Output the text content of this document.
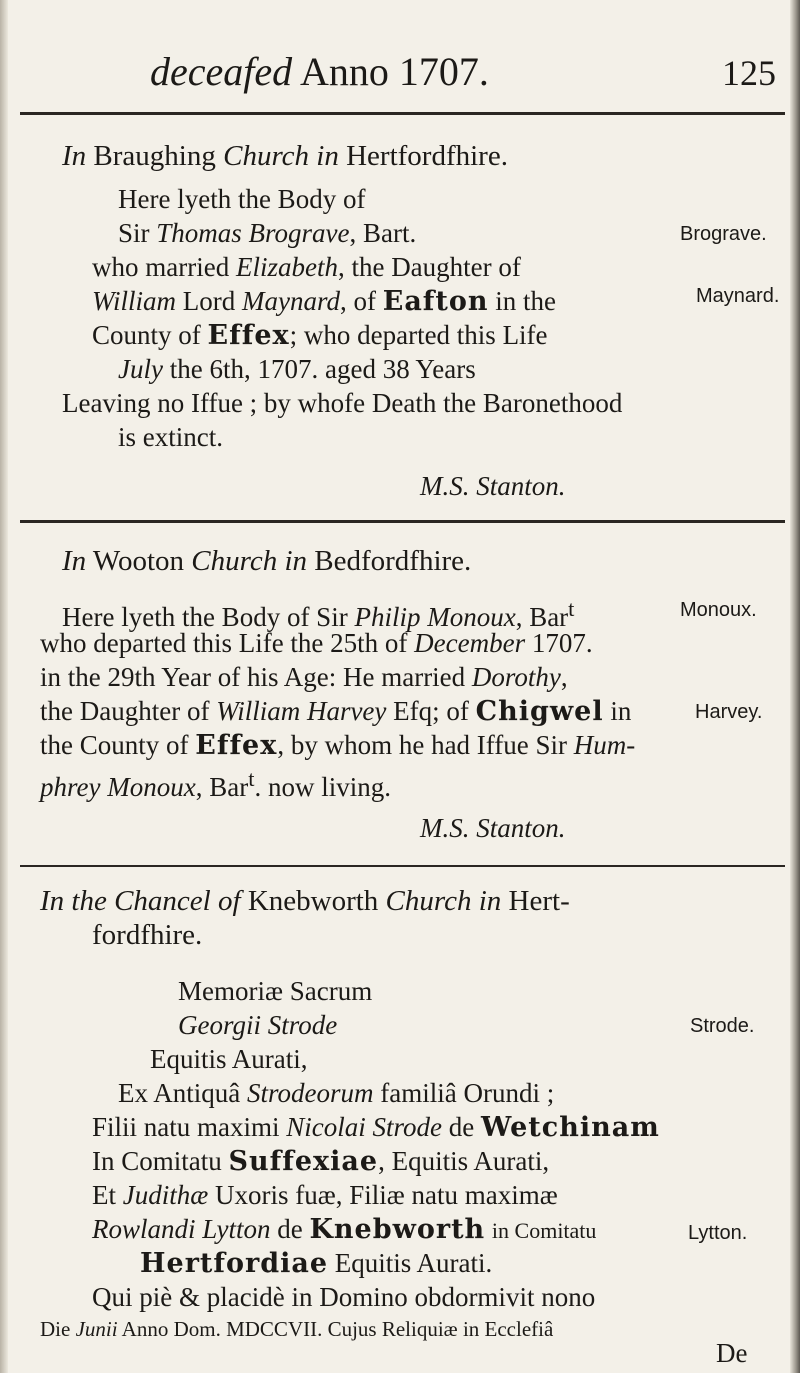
deceafed Anno 1707.	125
In Braughing Church in Hertfordfhire.
Here lyeth the Body of
Sir Thomas Brograve, Bart.	Brograve.
who married Elizabeth, the Daughter of
William Lord Maynard, of Eafton in the	Maynard.
County of Effex; who departed this Life
July the 6th, 1707. aged 38 Years
Leaving no Iffue ; by whofe Death the Baronethood
is extinct.
M.S. Stanton.
In Wooton Church in Bedfordfhire.
Here lyeth the Body of Sir Philip Monoux, Bar$^t$	Monoux.
who departed this Life the 25th of December 1707.
in the 29th Year of his Age: He married Dorothy,
the Daughter of William Harvey Efq; of Chigwel in	Harvey.
the County of Effex, by whom he had Iffue Sir Hum-
phrey Monoux, Bar$^t$. now living.
M.S. Stanton.
In the Chancel of Knebworth Church in Hert-
fordfhire.
Memoriæ Sacrum
Georgii Strode	Strode.
Equitis Aurati,
Ex Antiquâ Strodeorum familiâ Orundi ;
Filii natu maximi Nicolai Strode de Wetchinam
In Comitatu Suffexiae, Equitis Aurati,
Et Judithæ Uxoris fuæ, Filiæ natu maximæ
Rowlandi Lytton de Knebworth in Comitatu	Lytton.
Hertfordiae Equitis Aurati.
Qui piè & placidè in Domino obdormivit nono
Die Junii Anno Dom. MDCCVII. Cujus Reliquiæ in Ecclefiâ
De
